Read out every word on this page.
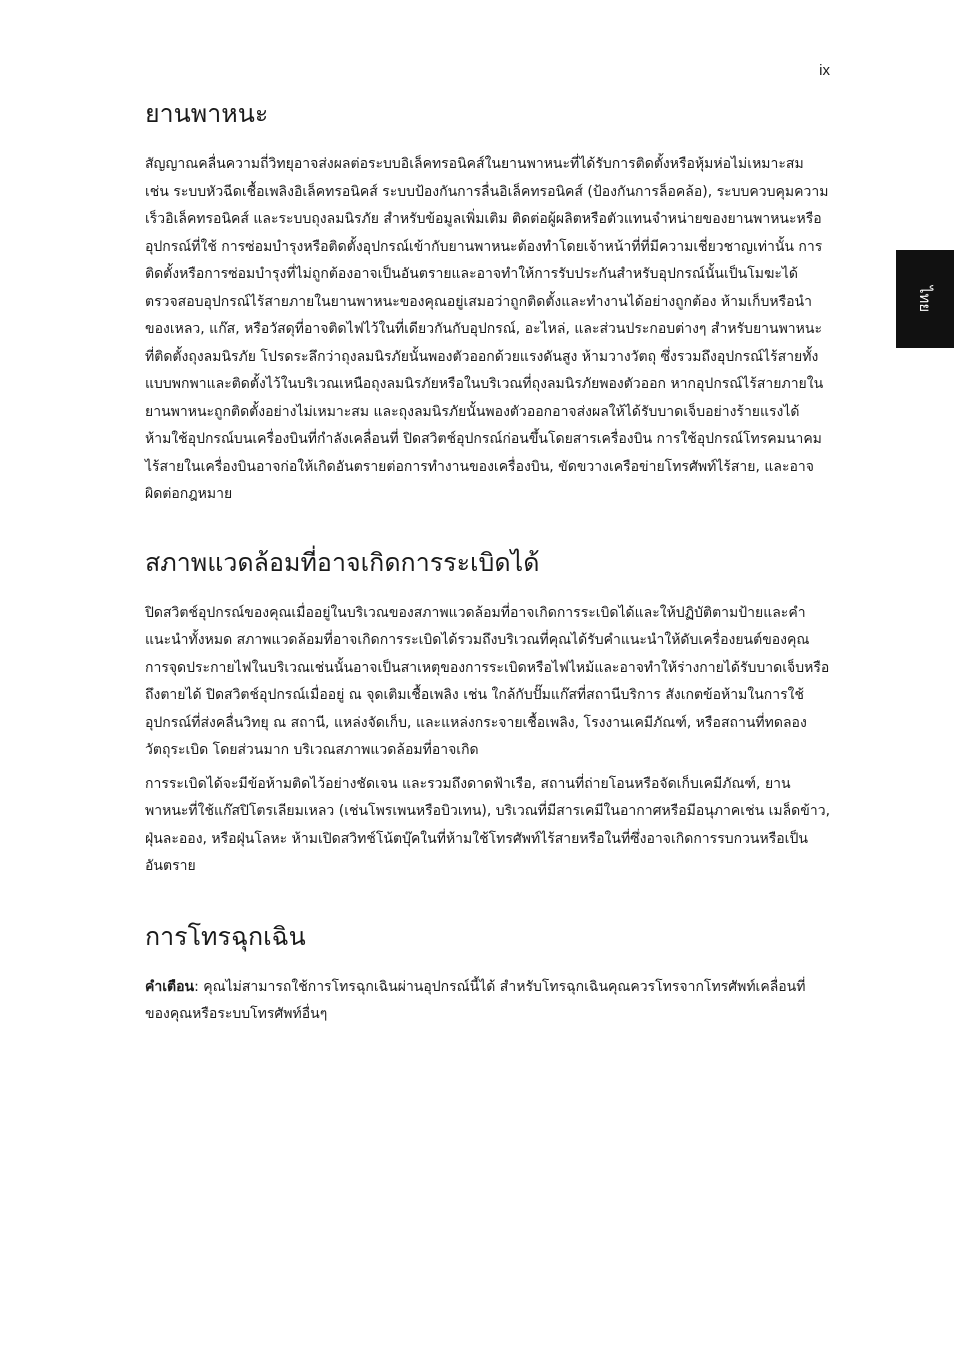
ix
ไทย
ยานพาหนะ

สัญญาณคลื่นความถี่วิทยุอาจส่งผลต่อระบบอิเล็คทรอนิคส์ในยานพาหนะที่ได้รับการติดตั้งหรือหุ้มห่อไม่เหมาะสม เช่น ระบบหัวฉีดเชื้อเพลิงอิเล็คทรอนิคส์ ระบบป้องกันการลื่นอิเล็คทรอนิคส์ (ป้องกันการล็อคล้อ), ระบบควบคุมความเร็วอิเล็คทรอนิคส์ และระบบถุงลมนิรภัย สำหรับข้อมูลเพิ่มเติม ติดต่อผู้ผลิตหรือตัวแทนจำหน่ายของยานพาหนะหรืออุปกรณ์ที่ใช้ การซ่อมบำรุงหรือติดตั้งอุปกรณ์เข้ากับยานพาหนะต้องทำโดยเจ้าหน้าที่ที่มีความเชี่ยวชาญเท่านั้น การติดตั้งหรือการซ่อมบำรุงที่ไม่ถูกต้องอาจเป็นอันตรายและอาจทำให้การรับประกันสำหรับอุปกรณ์นั้นเป็นโมฆะได้ ตรวจสอบอุปกรณ์ไร้สายภายในยานพาหนะของคุณอยู่เสมอว่าถูกติดตั้งและทำงานได้อย่างถูกต้อง ห้ามเก็บหรือนำของเหลว, แก๊ส, หรือวัสดุที่อาจติดไฟไว้ในที่เดียวกันกับอุปกรณ์, อะไหล่, และส่วนประกอบต่างๆ สำหรับยานพาหนะที่ติดตั้งถุงลมนิรภัย โปรดระลึกว่าถุงลมนิรภัยนั้นพองตัวออกด้วยแรงดันสูง ห้ามวางวัตถุ ซึ่งรวมถึงอุปกรณ์ไร้สายทั้งแบบพกพาและติดตั้งไว้ในบริเวณเหนือถุงลมนิรภัยหรือในบริเวณที่ถุงลมนิรภัยพองตัวออก หากอุปกรณ์ไร้สายภายในยานพาหนะถูกติดตั้งอย่างไม่เหมาะสม และถุงลมนิรภัยนั้นพองตัวออกอาจส่งผลให้ได้รับบาดเจ็บอย่างร้ายแรงได้ ห้ามใช้อุปกรณ์บนเครื่องบินที่กำลังเคลื่อนที่ ปิดสวิตช์อุปกรณ์ก่อนขึ้นโดยสารเครื่องบิน การใช้อุปกรณ์โทรคมนาคมไร้สายในเครื่องบินอาจก่อให้เกิดอันตรายต่อการทำงานของเครื่องบิน, ขัดขวางเครือข่ายโทรศัพท์ไร้สาย, และอาจผิดต่อกฎหมาย

สภาพแวดล้อมที่อาจเกิดการระเบิดได้

ปิดสวิตช์อุปกรณ์ของคุณเมื่ออยู่ในบริเวณของสภาพแวดล้อมที่อาจเกิดการระเบิดได้และให้ปฏิบัติตามป้ายและคำแนะนำทั้งหมด สภาพแวดล้อมที่อาจเกิดการระเบิดได้รวมถึงบริเวณที่คุณได้รับคำแนะนำให้ดับเครื่องยนต์ของคุณ การจุดประกายไฟในบริเวณเช่นนั้นอาจเป็นสาเหตุของการระเบิดหรือไฟไหม้และอาจทำให้ร่างกายได้รับบาดเจ็บหรือถึงตายได้ ปิดสวิตช์อุปกรณ์เมื่ออยู่ ณ จุดเติมเชื้อเพลิง เช่น ใกล้กับปั๊มแก๊สที่สถานีบริการ สังเกตข้อห้ามในการใช้อุปกรณ์ที่ส่งคลื่นวิทยุ ณ สถานี, แหล่งจัดเก็บ, และแหล่งกระจายเชื้อเพลิง, โรงงานเคมีภัณฑ์, หรือสถานที่ทดลองวัตถุระเบิด โดยส่วนมาก บริเวณสภาพแวดล้อมที่อาจเกิด

การระเบิดได้จะมีข้อห้ามติดไว้อย่างชัดเจน และรวมถึงดาดฟ้าเรือ, สถานที่ถ่ายโอนหรือจัดเก็บเคมีภัณฑ์, ยานพาหนะที่ใช้แก๊สปิโตรเลียมเหลว (เช่นโพรเพนหรือบิวเทน), บริเวณที่มีสารเคมีในอากาศหรือมีอนุภาคเช่น เมล็ดข้าว, ฝุ่นละออง, หรือฝุ่นโลหะ ห้ามเปิดสวิทช์โน้ตบุ๊คในที่ห้ามใช้โทรศัพท์ไร้สายหรือในที่ซึ่งอาจเกิดการรบกวนหรือเป็นอันตราย

การโทรฉุกเฉิน

คำเตือน: คุณไม่สามารถใช้การโทรฉุกเฉินผ่านอุปกรณ์นี้ได้ สำหรับโทรฉุกเฉินคุณควรโทรจากโทรศัพท์เคลื่อนที่ของคุณหรือระบบโทรศัพท์อื่นๆ
